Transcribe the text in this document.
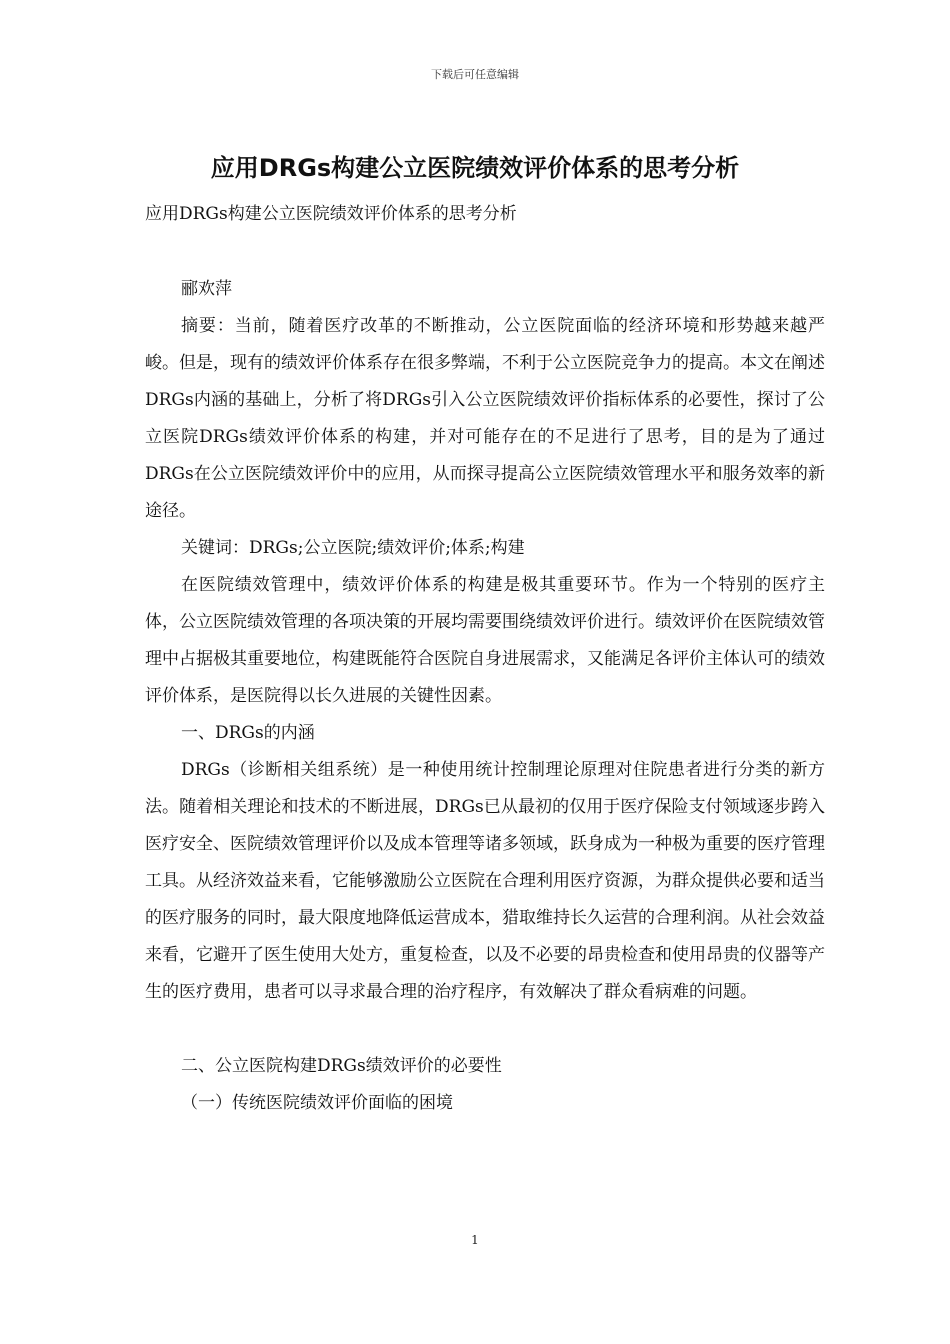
下载后可任意编辑
应用DRGs构建公立医院绩效评价体系的思考分析

应用DRGs构建公立医院绩效评价体系的思考分析

郦欢萍

摘要：当前，随着医疗改革的不断推动，公立医院面临的经济环境和形势越来越严峻。但是，现有的绩效评价体系存在很多弊端，不利于公立医院竞争力的提高。本文在阐述DRGs内涵的基础上，分析了将DRGs引入公立医院绩效评价指标体系的必要性，探讨了公立医院DRGs绩效评价体系的构建，并对可能存在的不足进行了思考，目的是为了通过DRGs在公立医院绩效评价中的应用，从而探寻提高公立医院绩效管理水平和服务效率的新途径。

关键词：DRGs;公立医院;绩效评价;体系;构建

在医院绩效管理中，绩效评价体系的构建是极其重要环节。作为一个特别的医疗主体，公立医院绩效管理的各项决策的开展均需要围绕绩效评价进行。绩效评价在医院绩效管理中占据极其重要地位，构建既能符合医院自身进展需求，又能满足各评价主体认可的绩效评价体系，是医院得以长久进展的关键性因素。

一、DRGs的内涵

DRGs（诊断相关组系统）是一种使用统计控制理论原理对住院患者进行分类的新方法。随着相关理论和技术的不断进展，DRGs已从最初的仅用于医疗保险支付领域逐步跨入医疗安全、医院绩效管理评价以及成本管理等诸多领域，跃身成为一种极为重要的医疗管理工具。从经济效益来看，它能够激励公立医院在合理利用医疗资源，为群众提供必要和适当的医疗服务的同时，最大限度地降低运营成本，猎取维持长久运营的合理利润。从社会效益来看，它避开了医生使用大处方，重复检查，以及不必要的昂贵检查和使用昂贵的仪器等产生的医疗费用，患者可以寻求最合理的治疗程序，有效解决了群众看病难的问题。

二、公立医院构建DRGs绩效评价的必要性

（一）传统医院绩效评价面临的困境

1
